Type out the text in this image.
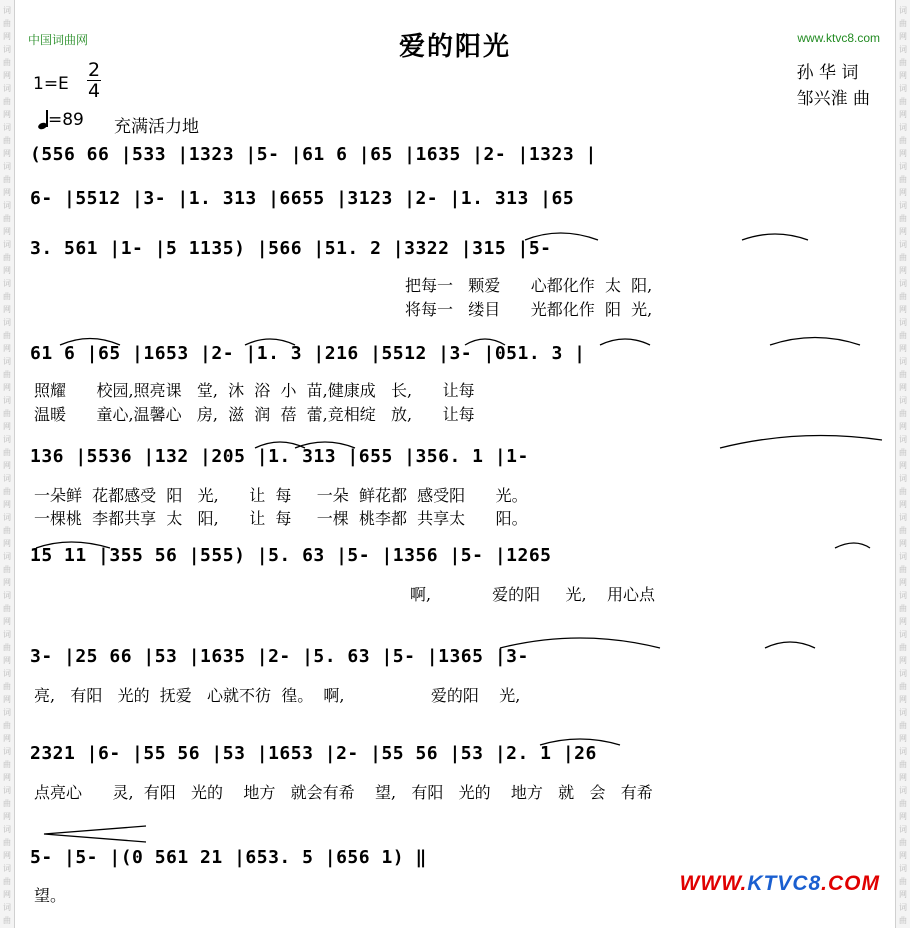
词
曲
网
词
曲
网
词
曲
网
词
曲
网
词
曲
网
词
曲
网
词
曲
网
词
曲
网
词
曲
网
词
曲
网
词
曲
网
词
曲
网
词
曲
网
词
曲
网
词
曲
网
词
曲
网
词
曲
网
词
曲
网
词
曲
网
词
曲
网
词
曲
网
词
曲
网
词
曲
网
词
曲
词
曲
网
词
曲
网
词
曲
网
词
曲
网
词
曲
网
词
曲
网
词
曲
网
词
曲
网
词
曲
网
词
曲
网
词
曲
网
词
曲
网
词
曲
网
词
曲
网
词
曲
网
词
曲
网
词
曲
网
词
曲
网
词
曲
网
词
曲
网
词
曲
网
词
曲
网
词
曲
网
词
曲
中国词曲网	爱的阳光	www.ktvc8.com
$1=E \frac{2}{4}$
=89 充满活力地
孙 华 词
邹兴淮 曲
(556 66 |533 |1323 |5- |61 6 |65 |1635 |2- |1323 |
6- |5512 |3- |1. 313 |6655 |3123 |2- |1. 313 |65
3. 561 |1- |5 1135) |566 |51. 2 |3322 |315 |5-
把每一   颗爱      心都化作  太  阳,
将每一   缕目      光都化作  阳  光,
61 6 |65 |1653 |2- |1. 3 |216 |5512 |3- |051. 3 |
照耀      校园,照亮课   堂,  沐  浴  小  苗,健康成   长,      让每
温暖      童心,温馨心   房,  滋  润  蓓  蕾,竞相绽   放,      让每
136 |5536 |132 |205 |1. 313 |655 |356. 1 |1-
一朵鲜  花都感受  阳   光,      让  每     一朵  鲜花都  感受阳      光。
一棵桃  李都共享  太   阳,      让  每     一棵  桃李都  共享太      阳。
15 11 |355 56 |555) |5. 63 |5- |1356 |5- |1265
啊,            爱的阳     光,    用心点
3- |25 66 |53 |1635 |2- |5. 63 |5- |1365 |3-
亮,   有阳   光的  抚爱   心就不彷  徨。  啊,                 爱的阳    光,
2321 |6- |55 56 |53 |1653 |2- |55 56 |53 |2. 1 |26
点亮心      灵,  有阳   光的    地方   就会有希    望,   有阳   光的    地方   就   会   有希
5- |5- |(0 561 21 |653. 5 |656 1) ‖
望。
WWW.KTVC8.COM
